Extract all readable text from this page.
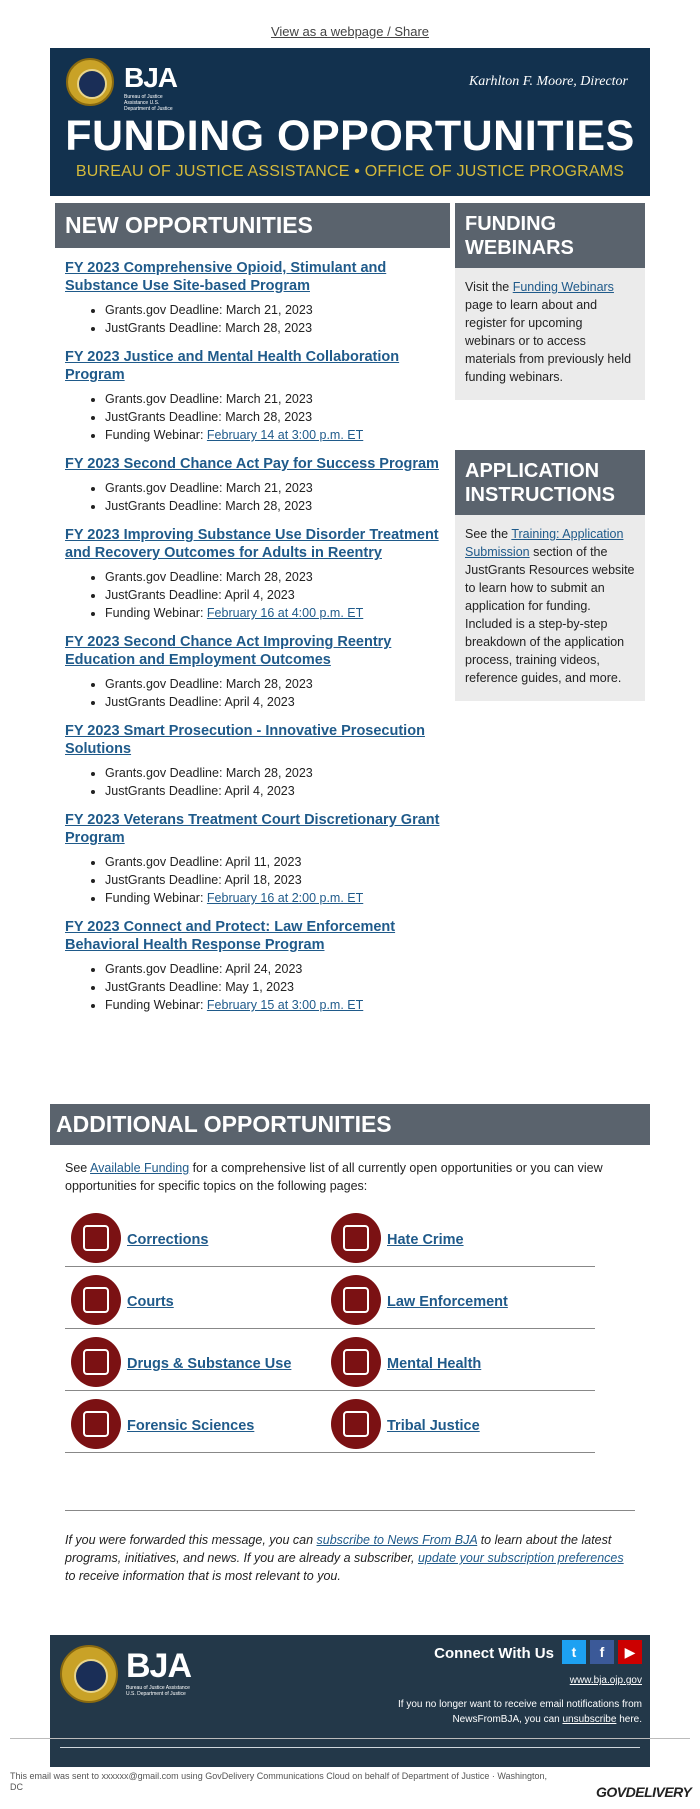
View as a webpage / Share
BJA
Bureau of Justice Assistance U.S. Department of Justice
Karhlton F. Moore, Director
FUNDING OPPORTUNITIES
BUREAU OF JUSTICE ASSISTANCE • OFFICE OF JUSTICE PROGRAMS
NEW OPPORTUNITIES
FY 2023 Comprehensive Opioid, Stimulant and Substance Use Site-based Program
• Grants.gov Deadline: March 21, 2023
• JustGrants Deadline: March 28, 2023
FY 2023 Justice and Mental Health Collaboration Program
• Grants.gov Deadline: March 21, 2023
• JustGrants Deadline: March 28, 2023
• Funding Webinar: February 14 at 3:00 p.m. ET
FY 2023 Second Chance Act Pay for Success Program
• Grants.gov Deadline: March 21, 2023
• JustGrants Deadline: March 28, 2023
FY 2023 Improving Substance Use Disorder Treatment and Recovery Outcomes for Adults in Reentry
• Grants.gov Deadline: March 28, 2023
• JustGrants Deadline: April 4, 2023
• Funding Webinar: February 16 at 4:00 p.m. ET
FY 2023 Second Chance Act Improving Reentry Education and Employment Outcomes
• Grants.gov Deadline: March 28, 2023
• JustGrants Deadline: April 4, 2023
FY 2023 Smart Prosecution - Innovative Prosecution Solutions
• Grants.gov Deadline: March 28, 2023
• JustGrants Deadline: April 4, 2023
FY 2023 Veterans Treatment Court Discretionary Grant Program
• Grants.gov Deadline: April 11, 2023
• JustGrants Deadline: April 18, 2023
• Funding Webinar: February 16 at 2:00 p.m. ET
FY 2023 Connect and Protect: Law Enforcement Behavioral Health Response Program
• Grants.gov Deadline: April 24, 2023
• JustGrants Deadline: May 1, 2023
• Funding Webinar: February 15 at 3:00 p.m. ET
FUNDING WEBINARS
Visit the Funding Webinars page to learn about and register for upcoming webinars or to access materials from previously held funding webinars.
APPLICATION INSTRUCTIONS
See the Training: Application Submission section of the JustGrants Resources website to learn how to submit an application for funding. Included is a step-by-step breakdown of the application process, training videos, reference guides, and more.
ADDITIONAL OPPORTUNITIES
See Available Funding for a comprehensive list of all currently open opportunities or you can view opportunities for specific topics on the following pages:
Corrections	Hate Crime
Courts	Law Enforcement
Drugs & Substance Use	Mental Health
Forensic Sciences	Tribal Justice
If you were forwarded this message, you can subscribe to News From BJA to learn about the latest programs, initiatives, and news. If you are already a subscriber, update your subscription preferences to receive information that is most relevant to you.
BJA
Bureau of Justice Assistance U.S. Department of Justice
Connect With Us	t	f	▶
www.bja.ojp.gov
If you no longer want to receive email notifications from NewsFromBJA, you can unsubscribe here.
This email was sent to xxxxxx@gmail.com using GovDelivery Communications Cloud on behalf of Department of Justice · Washington, DC	GOVDELIVERY
